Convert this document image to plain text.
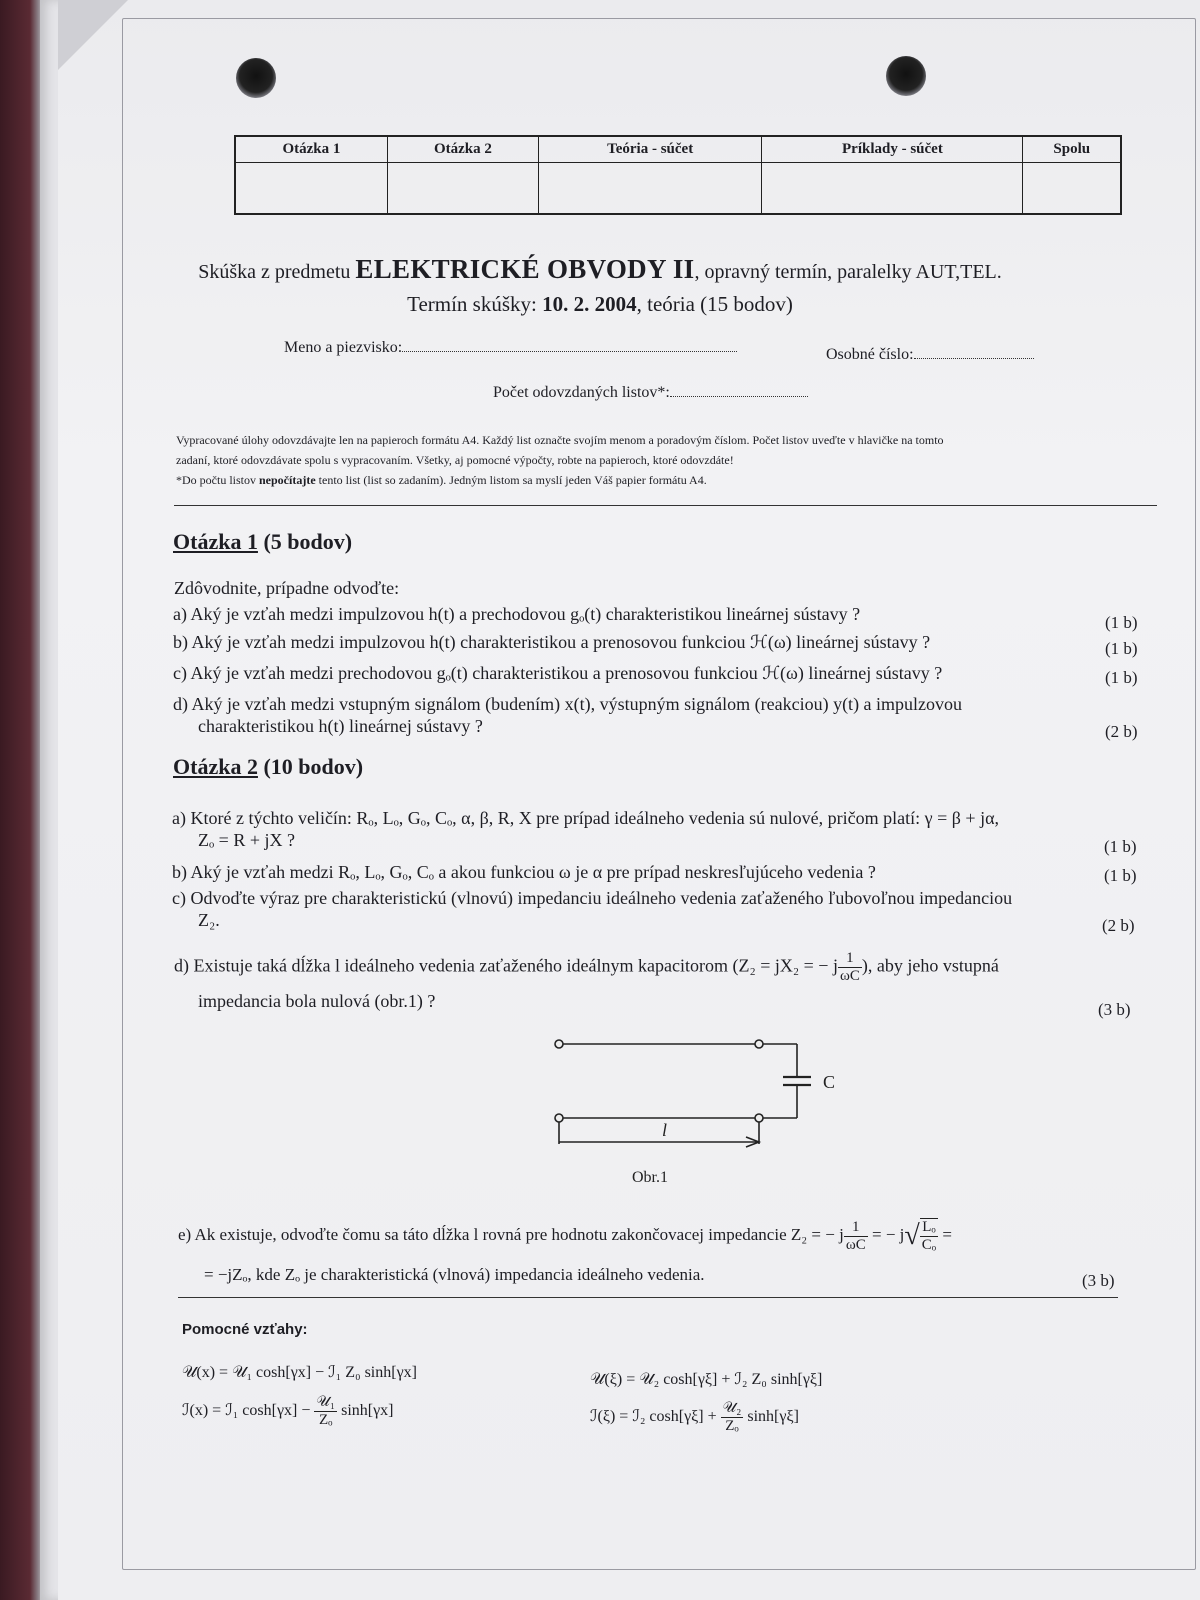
Otázka 1	Otázka 2	Teória - súčet	Príklady - súčet	Spolu

Skúška z predmetu ELEKTRICKÉ OBVODY II, opravný termín, paralelky AUT,TEL.
Termín skúšky: 10. 2. 2004, teória (15 bodov)
Meno a piezvisko:	Osobné číslo:
Počet odovzdaných listov*:
Vypracované úlohy odovzdávajte len na papieroch formátu A4. Každý list označte svojím menom a poradovým číslom. Počet listov uveďte v hlavičke na tomto
zadaní, ktoré odovzdávate spolu s vypracovaním. Všetky, aj pomocné výpočty, robte na papieroch, ktoré odovzdáte!
*Do počtu listov nepočítajte tento list (list so zadaním). Jedným listom sa myslí jeden Váš papier formátu A4.
Otázka 1 (5 bodov)
Zdôvodnite, prípadne odvoďte:
a) Aký je vzťah medzi impulzovou h(t) a prechodovou gₒ(t) charakteristikou lineárnej sústavy ?	(1 b)
b) Aký je vzťah medzi impulzovou h(t) charakteristikou a prenosovou funkciou ℋ(ω) lineárnej sústavy ?	(1 b)
c) Aký je vzťah medzi prechodovou gₒ(t) charakteristikou a prenosovou funkciou ℋ(ω) lineárnej sústavy ?	(1 b)
d) Aký je vzťah medzi vstupným signálom (budením) x(t), výstupným signálom (reakciou) y(t) a impulzovou
charakteristikou h(t) lineárnej sústavy ?	(2 b)
Otázka 2 (10 bodov)
a) Ktoré z týchto veličín: Rₒ, Lₒ, Gₒ, Cₒ, α, β, R, X pre prípad ideálneho vedenia sú nulové, pričom platí: γ = β + jα,
Zₒ = R + jX ?	(1 b)
b) Aký je vzťah medzi Rₒ, Lₒ, Gₒ, Cₒ a akou funkciou ω je α pre prípad neskresľujúceho vedenia ?	(1 b)
c) Odvoďte výraz pre charakteristickú (vlnovú) impedanciu ideálneho vedenia zaťaženého ľubovoľnou impedanciou
Z₂.	(2 b)
d) Existuje taká dĺžka l ideálneho vedenia zaťaženého ideálnym kapacitorom (Z₂ = jX₂ = − j $\frac{1}{\omega C}$ ), aby jeho vstupná
impedancia bola nulová (obr.1) ?	(3 b)
C
l
Obr.1
e) Ak existuje, odvoďte čomu sa táto dĺžka l rovná pre hodnotu zakončovacej impedancie Z₂ = − j $\frac{1}{\omega C}$ = − $j√ \frac{\text{Lₒ}}{\text{Cₒ}}$ =
= −jZₒ, kde Zₒ je charakteristická (vlnová) impedancia ideálneho vedenia.	(3 b)
Pomocné vzťahy:
𝒰(x) = 𝒰₁ cosh[γx] − ℐ₁ Z₀ sinh[γx]
ℐ(x) = ℐ₁ $\cosh[\gamma x] - \frac{\text{𝒰₁}}{\text{Zₒ}} \sinh[\gamma x]$
𝒰(ξ) = 𝒰₂ cosh[γξ] + ℐ₂ Z₀ sinh[γξ]
ℐ(ξ) = ℐ₂ $\cosh[\gamma\xi] + \frac{\text{𝒰₂}}{\text{Zₒ}} \sinh[\gamma\xi]$
